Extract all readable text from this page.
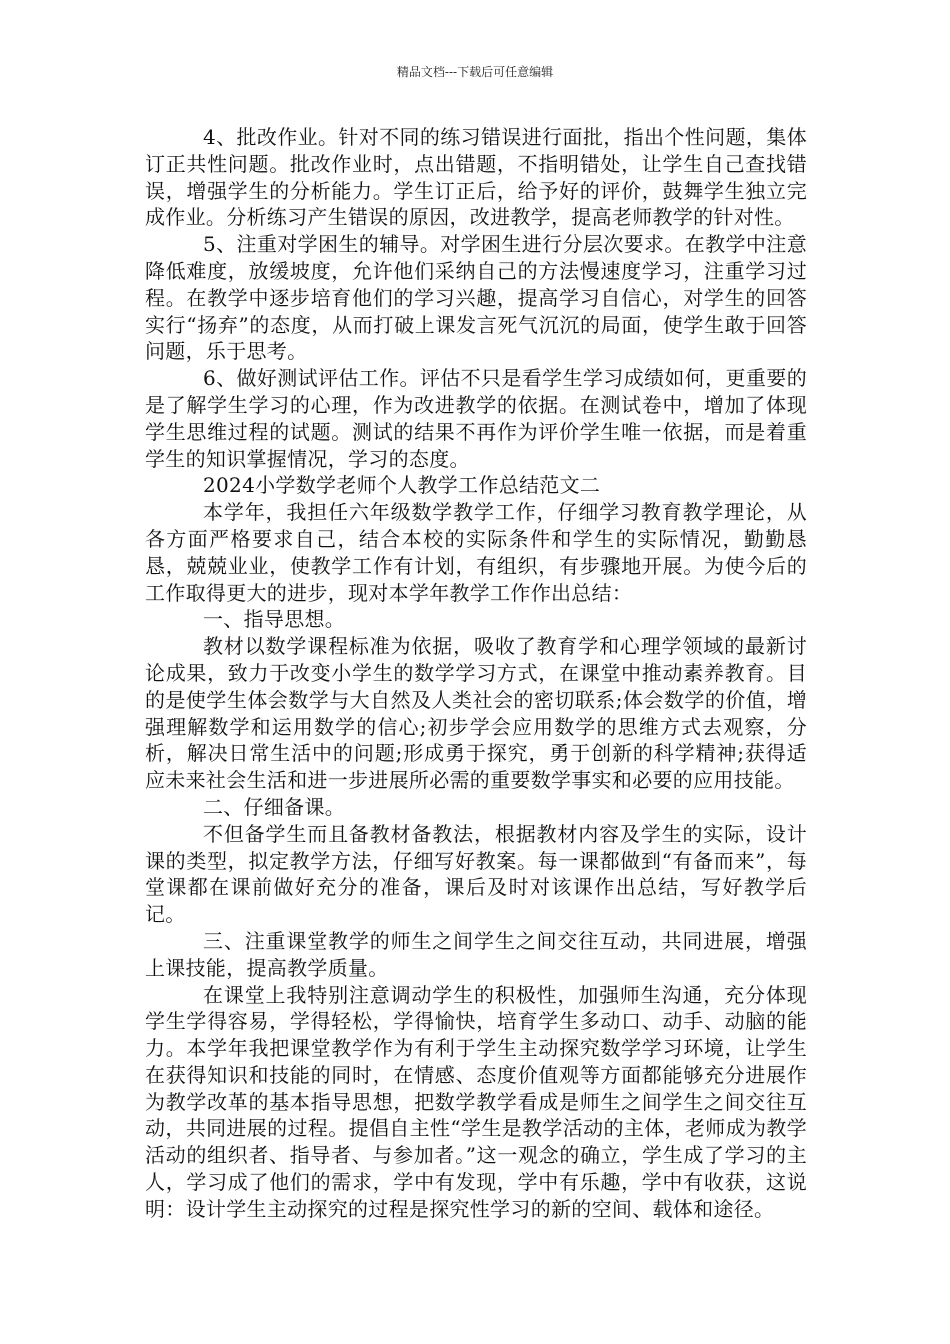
精品文档---下载后可任意编辑

4、批改作业。针对不同的练习错误进行面批，指出个性问题，集体订正共性问题。批改作业时，点出错题，不指明错处，让学生自己查找错误，增强学生的分析能力。学生订正后，给予好的评价，鼓舞学生独立完成作业。分析练习产生错误的原因，改进教学，提高老师教学的针对性。

5、注重对学困生的辅导。对学困生进行分层次要求。在教学中注意降低难度，放缓坡度，允许他们采纳自己的方法慢速度学习，注重学习过程。在教学中逐步培育他们的学习兴趣，提高学习自信心，对学生的回答实行“扬弃”的态度，从而打破上课发言死气沉沉的局面，使学生敢于回答问题，乐于思考。

6、做好测试评估工作。评估不只是看学生学习成绩如何，更重要的是了解学生学习的心理，作为改进教学的依据。在测试卷中，增加了体现学生思维过程的试题。测试的结果不再作为评价学生唯一依据，而是着重学生的知识掌握情况，学习的态度。

2024小学数学老师个人教学工作总结范文二

本学年，我担任六年级数学教学工作，仔细学习教育教学理论，从各方面严格要求自己，结合本校的实际条件和学生的实际情况，勤勤恳恳，兢兢业业，使教学工作有计划，有组织，有步骤地开展。为使今后的工作取得更大的进步，现对本学年教学工作作出总结：

一、指导思想。

教材以数学课程标准为依据，吸收了教育学和心理学领域的最新讨论成果，致力于改变小学生的数学学习方式，在课堂中推动素养教育。目的是使学生体会数学与大自然及人类社会的密切联系;体会数学的价值，增强理解数学和运用数学的信心;初步学会应用数学的思维方式去观察，分析，解决日常生活中的问题;形成勇于探究，勇于创新的科学精神;获得适应未来社会生活和进一步进展所必需的重要数学事实和必要的应用技能。

二、仔细备课。

不但备学生而且备教材备教法，根据教材内容及学生的实际，设计课的类型，拟定教学方法，仔细写好教案。每一课都做到“有备而来”，每堂课都在课前做好充分的准备，课后及时对该课作出总结，写好教学后记。

三、注重课堂教学的师生之间学生之间交往互动，共同进展，增强上课技能，提高教学质量。

在课堂上我特别注意调动学生的积极性，加强师生沟通，充分体现学生学得容易，学得轻松，学得愉快，培育学生多动口、动手、动脑的能力。本学年我把课堂教学作为有利于学生主动探究数学学习环境，让学生在获得知识和技能的同时，在情感、态度价值观等方面都能够充分进展作为教学改革的基本指导思想，把数学教学看成是师生之间学生之间交往互动，共同进展的过程。提倡自主性“学生是教学活动的主体，老师成为教学活动的组织者、指导者、与参加者。”这一观念的确立，学生成了学习的主人，学习成了他们的需求，学中有发现，学中有乐趣，学中有收获，这说明：设计学生主动探究的过程是探究性学习的新的空间、载体和途径。
